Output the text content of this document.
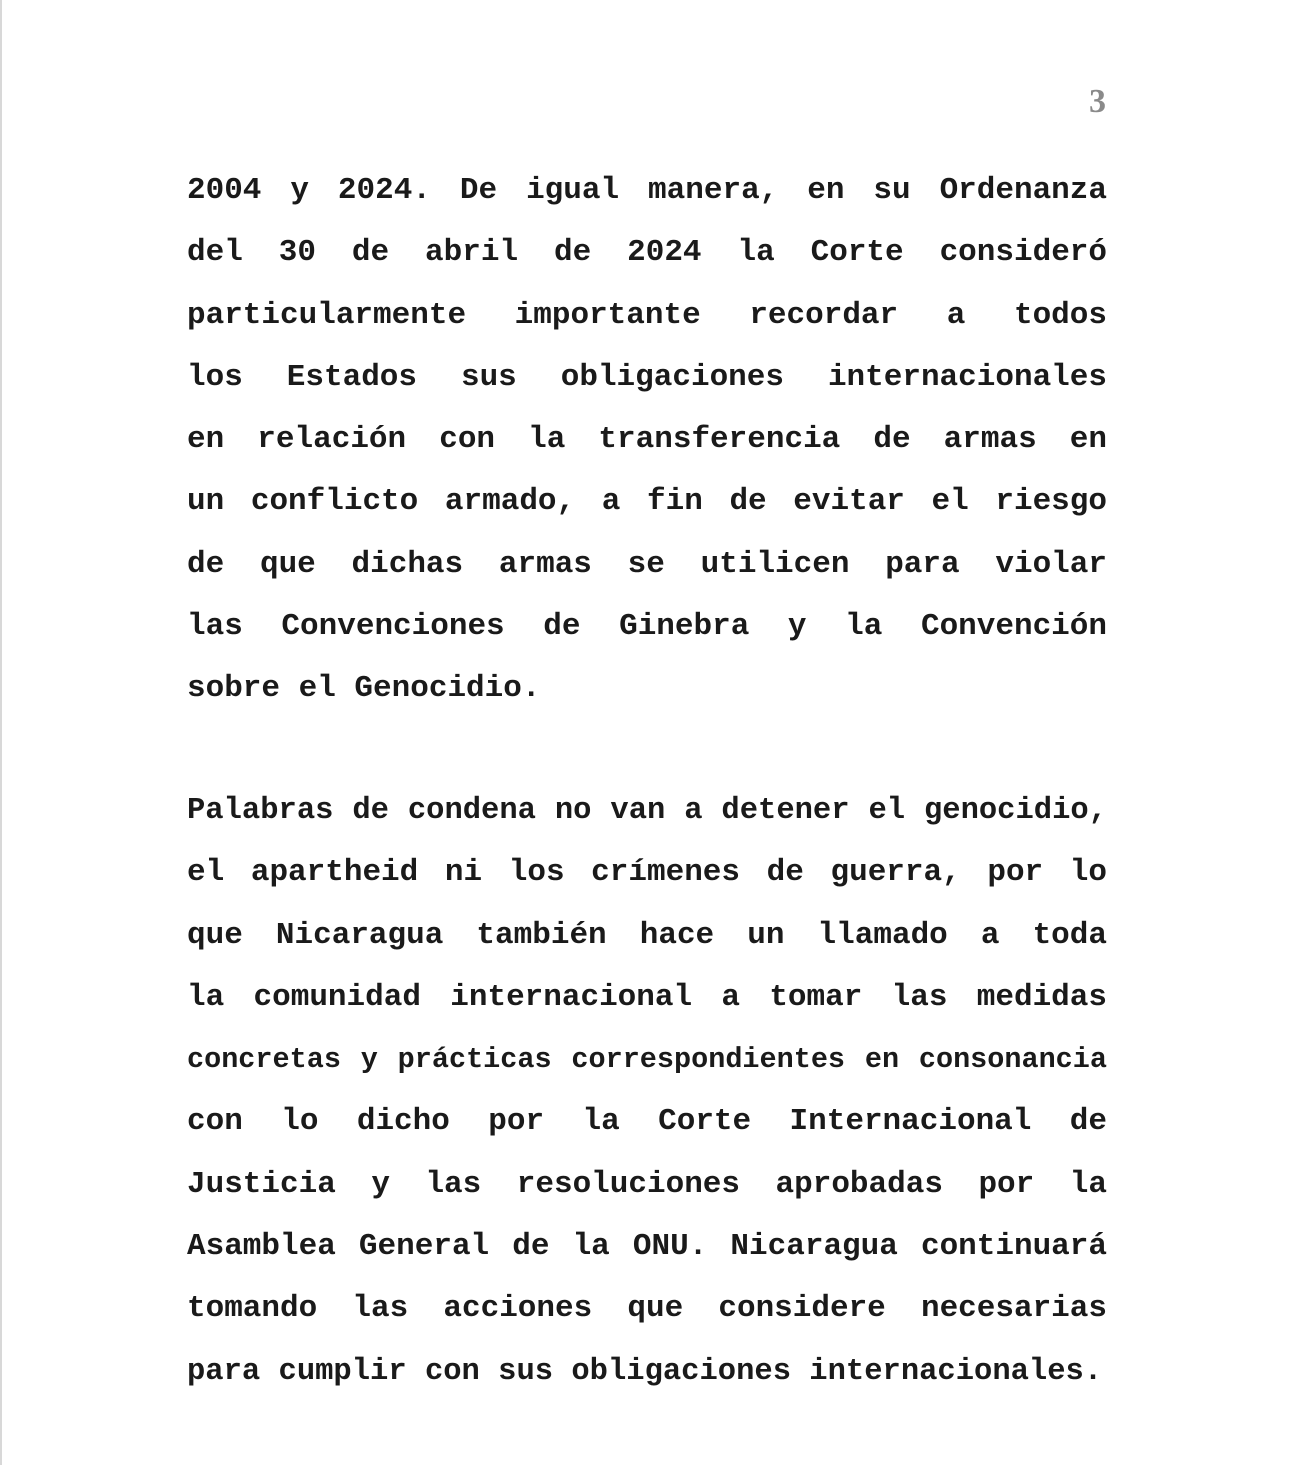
3
2004 y 2024. De igual manera, en su Ordenanza
del 30 de abril de 2024 la Corte consideró
particularmente importante recordar a todos
los Estados sus obligaciones internacionales
en relación con la transferencia de armas en
un conflicto armado, a fin de evitar el riesgo
de que dichas armas se utilicen para violar
las Convenciones de Ginebra y la Convención
sobre el Genocidio.
Palabras de condena no van a detener el genocidio,
el apartheid ni los crímenes de guerra, por lo
que Nicaragua también hace un llamado a toda
la comunidad internacional a tomar las medidas
concretas y prácticas correspondientes en consonancia
con lo dicho por la Corte Internacional de
Justicia y las resoluciones aprobadas por la
Asamblea General de la ONU. Nicaragua continuará
tomando las acciones que considere necesarias
para cumplir con sus obligaciones internacionales.
